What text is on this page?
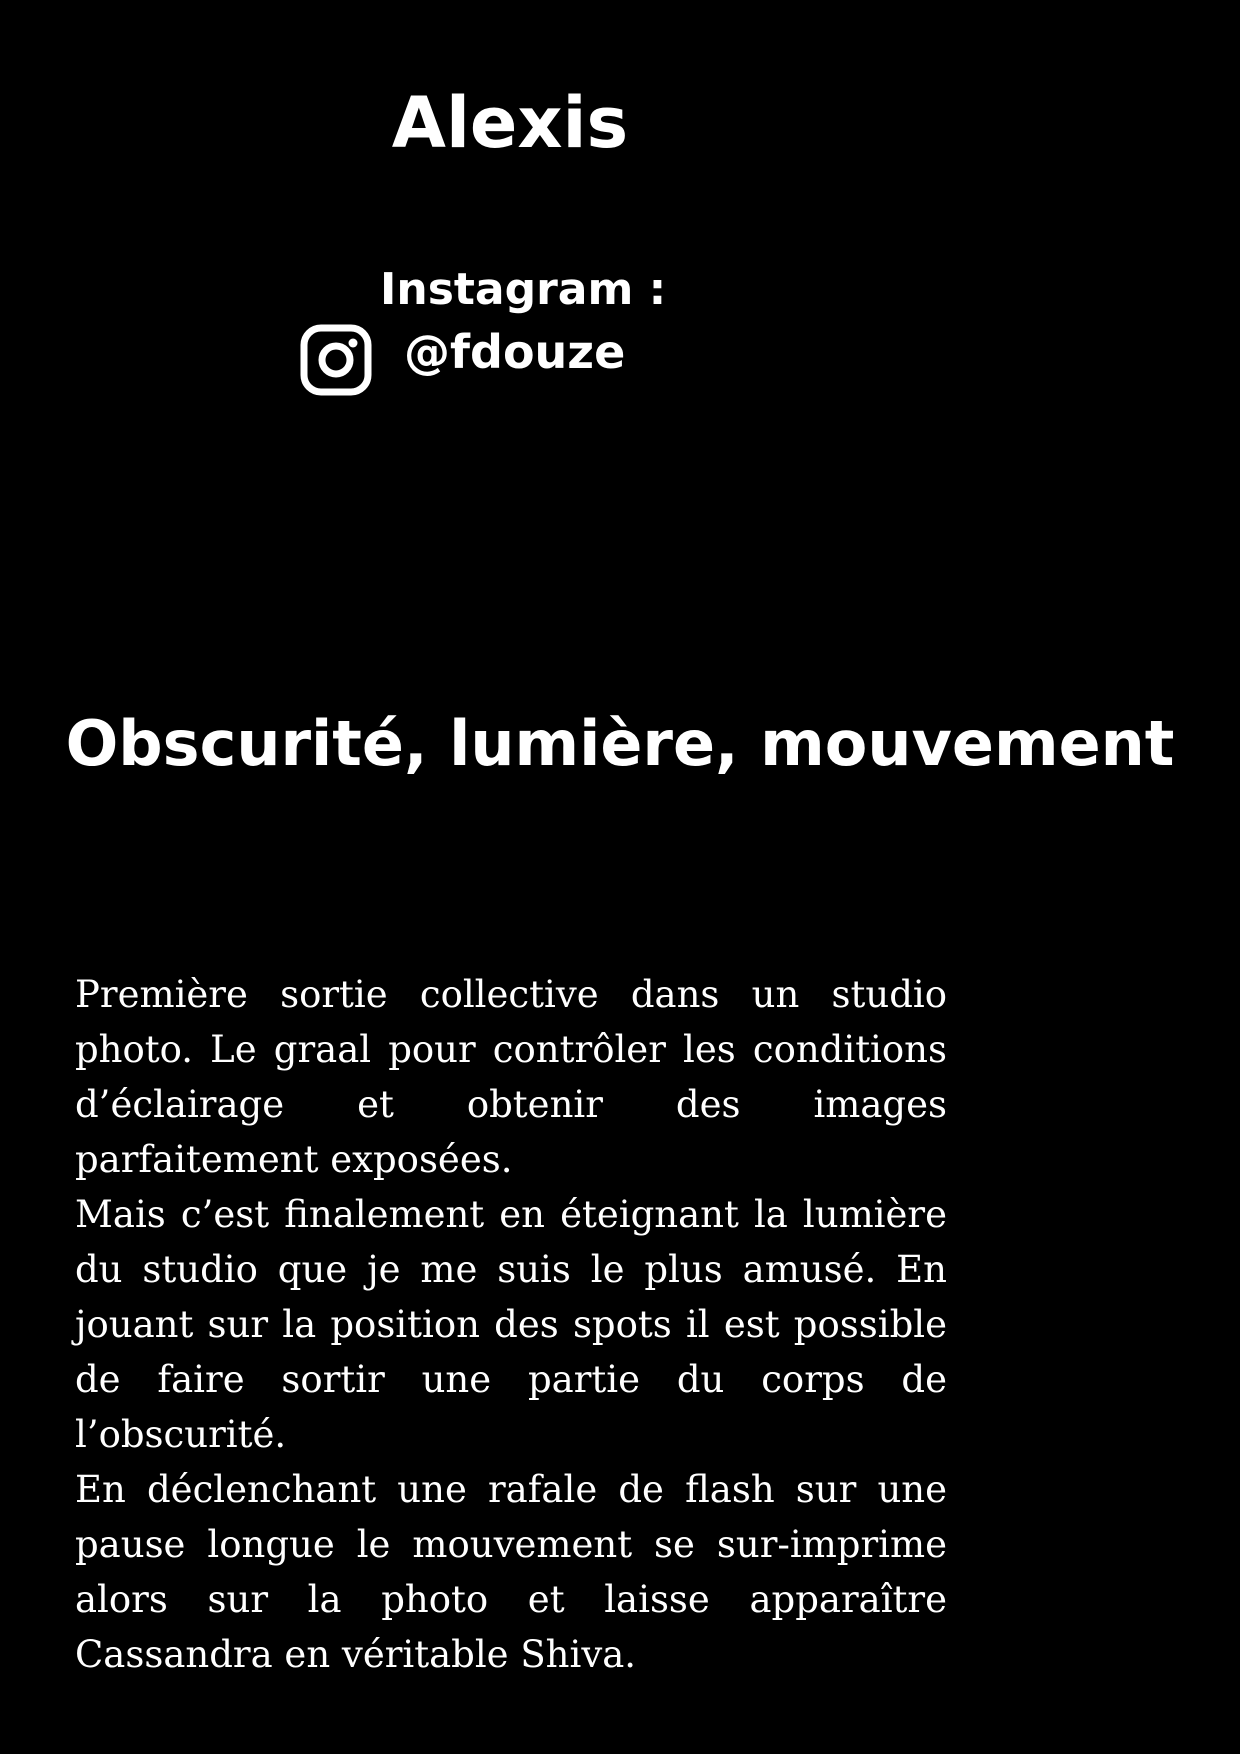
Alexis
Instagram :
@fdouze
Obscurité, lumière, mouvement

Première sortie collective dans un studio photo. Le graal pour contrôler les conditions d’éclairage et obtenir des images parfaitement exposées.

Mais c’est finalement en éteignant la lumière du studio que je me suis le plus amusé. En jouant sur la position des spots il est possible de faire sortir une partie du corps de l’obscurité.

En déclenchant une rafale de flash sur une pause longue le mouvement se sur-imprime alors sur la photo et laisse apparaître Cassandra en véritable Shiva.
